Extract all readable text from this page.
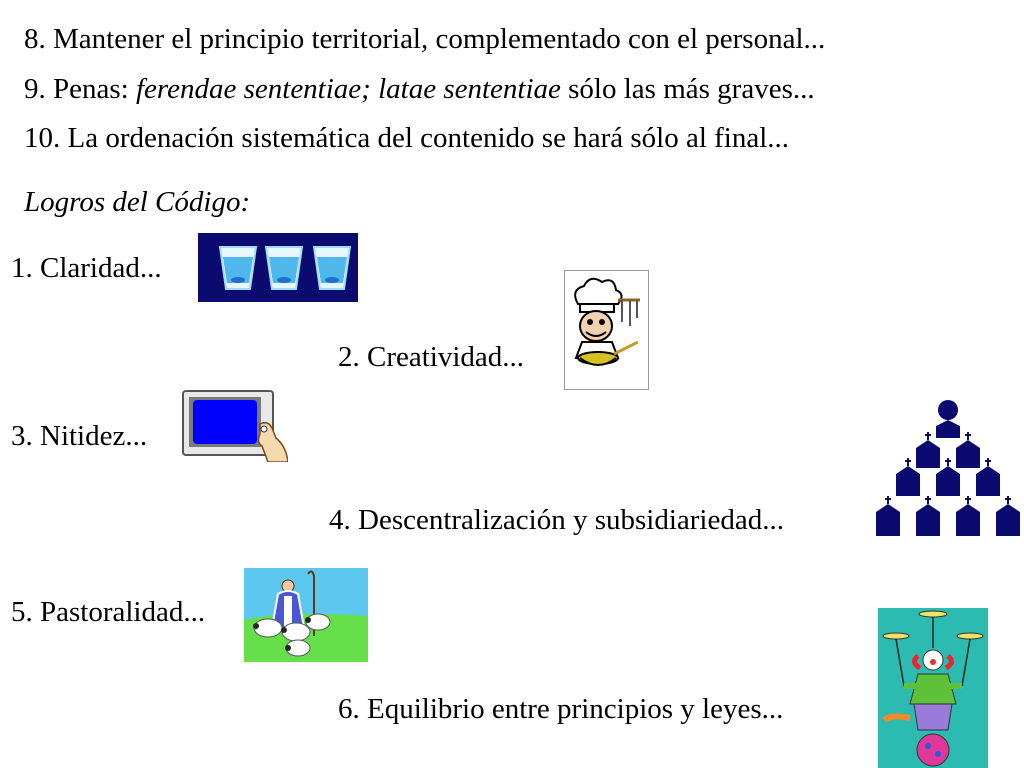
8. Mantener el principio territorial, complementado con el personal...
9. Penas: ferendae sententiae; latae sententiae sólo las más graves...
10. La ordenación sistemática del contenido se hará sólo al final...
Logros del Código:
1. Claridad...
2. Creatividad...
3. Nitidez...
4. Descentralización y subsidiariedad...
5. Pastoralidad...
6. Equilibrio entre principios y leyes...
